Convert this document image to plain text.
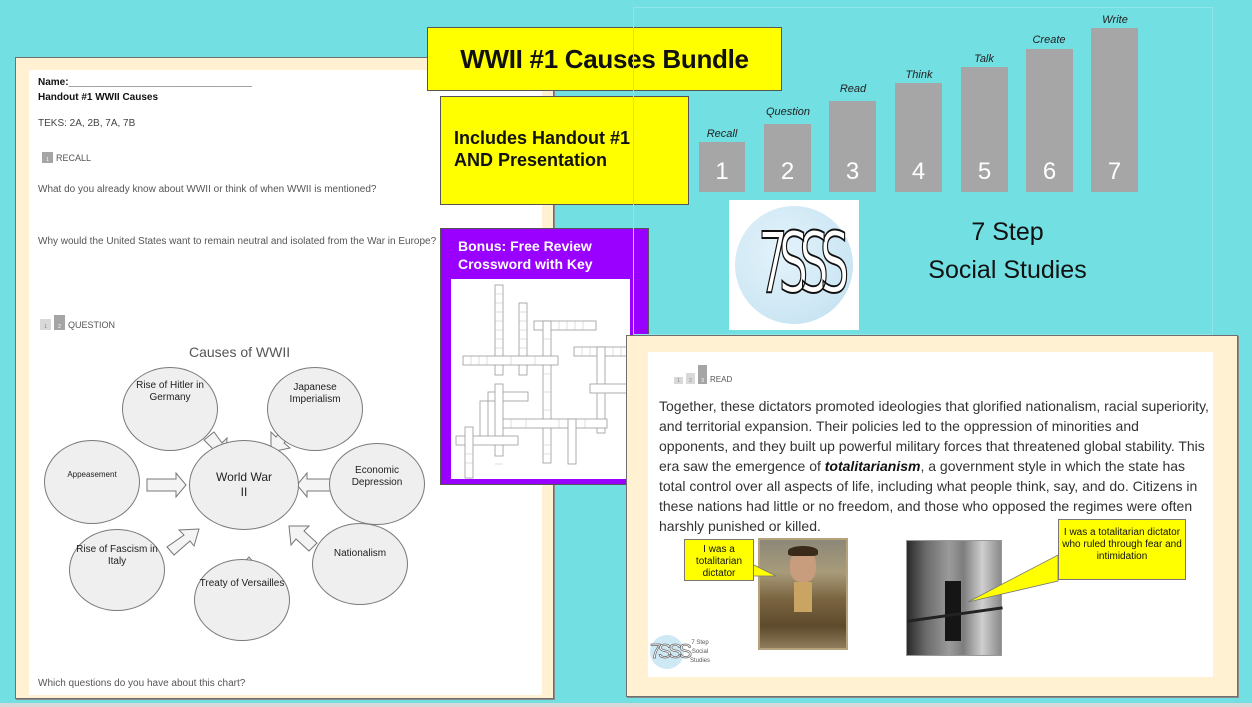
Name:_________________________________
Handout #1 WWII Causes
TEKS: 2A, 2B, 7A, 7B
1 RECALL
What do you already know about WWII or think of when WWII is mentioned?
Why would the United States want to remain neutral and isolated from the War in Europe?
1	2 QUESTION
Causes of WWII
Rise of Hitler in Germany
Japanese Imperialism
Appeasement	World War
II
Economic Depression
Rise of Fascism in Italy
Treaty of Versailles
Nationalism
Which questions do you have about this chart?
WWII #1 Causes Bundle
Includes Handout #1
AND Presentation
Bonus: Free Review
Crossword with Key
Recall
1
Question
2
Read
3
Think
4
Talk
5
Create
6
Write
7
7SSS	7 Step
Social Studies
1	2	3 READ
Together, these dictators promoted ideologies that glorified nationalism, racial superiority, and territorial expansion. Their policies led to the oppression of minorities and opponents, and they built up powerful military forces that threatened global stability. This era saw the emergence of totalitarianism, a government style in which the state has total control over all aspects of life, including what people think, say, and do. Citizens in these nations had little or no freedom, and those who opposed the regimes were often harshly punished or killed.
I was a totalitarian dictator
I was a totalitarian dictator who ruled through fear and intimidation
7SSS 7 Step
Social
Studies
